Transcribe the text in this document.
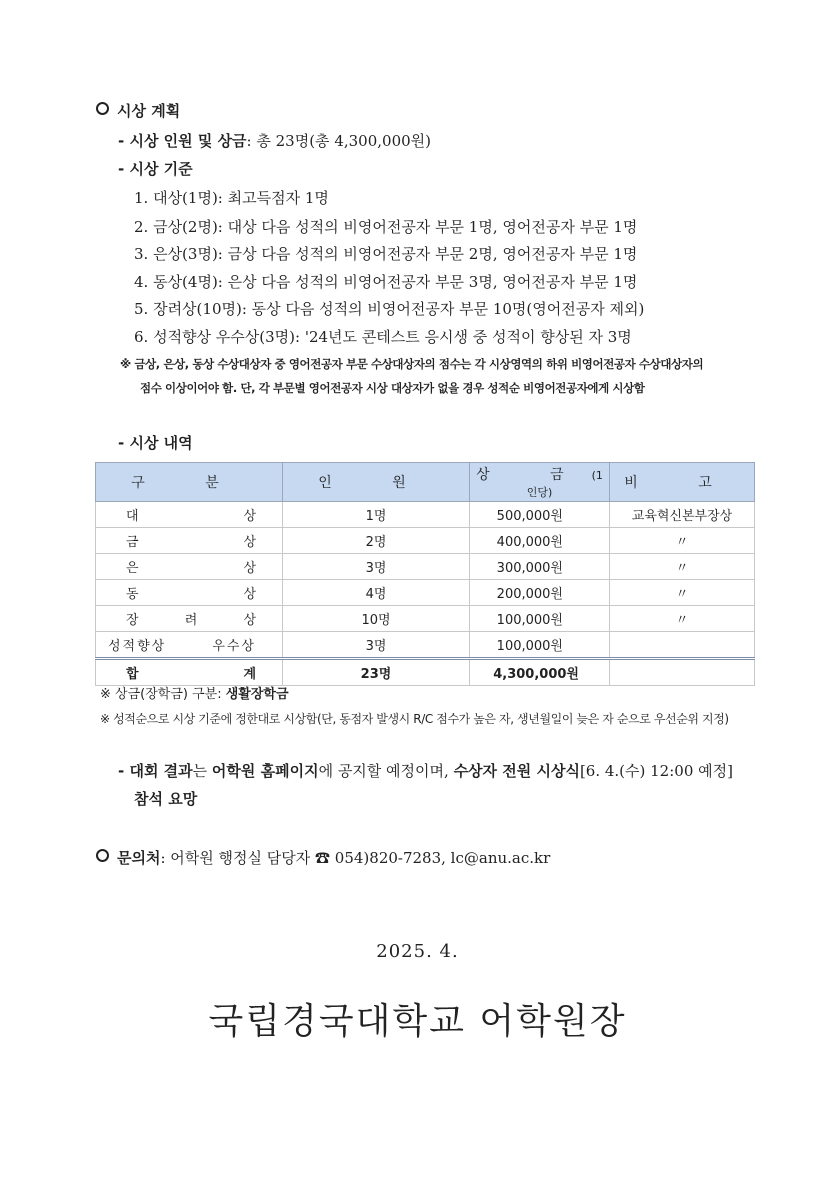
시상 계획
- 시상 인원 및 상금: 총 23명(총 4,300,000원)
- 시상 기준
1. 대상(1명): 최고득점자 1명
2. 금상(2명): 대상 다음 성적의 비영어전공자 부문 1명, 영어전공자 부문 1명
3. 은상(3명): 금상 다음 성적의 비영어전공자 부문 2명, 영어전공자 부문 1명
4. 동상(4명): 은상 다음 성적의 비영어전공자 부문 3명, 영어전공자 부문 1명
5. 장려상(10명): 동상 다음 성적의 비영어전공자 부문 10명(영어전공자 제외)
6. 성적향상 우수상(3명): '24년도 콘테스트 응시생 중 성적이 향상된 자 3명
※ 금상, 은상, 동상 수상대상자 중 영어전공자 부문 수상대상자의 점수는 각 시상영역의 하위 비영어전공자 수상대상자의
점수 이상이어야 함. 단, 각 부문별 영어전공자 시상 대상자가 없을 경우 성적순 비영어전공자에게 시상함
- 시상 내역
구 분	인 원	상 금(1인당)	비 고

대 상	1명	500,000원	교육혁신본부장상

금 상	2명	400,000원	〃

은 상	3명	300,000원	〃

동 상	4명	200,000원	〃

장 려 상	10명	100,000원	〃

성적향상 우수상	3명	100,000원	

합 계	23명	4,300,000원	
※ 상금(장학금) 구분: 생활장학금
※ 성적순으로 시상 기준에 정한대로 시상함(단, 동점자 발생시 R/C 점수가 높은 자, 생년월일이 늦은 자 순으로 우선순위 지정)
- 대회 결과는 어학원 홈페이지에 공지할 예정이며, 수상자 전원 시상식[6. 4.(수) 12:00 예정]
참석 요망
문의처: 어학원 행정실 담당자 ☎ 054)820-7283, lc@anu.ac.kr
2025. 4.
국립경국대학교 어학원장
